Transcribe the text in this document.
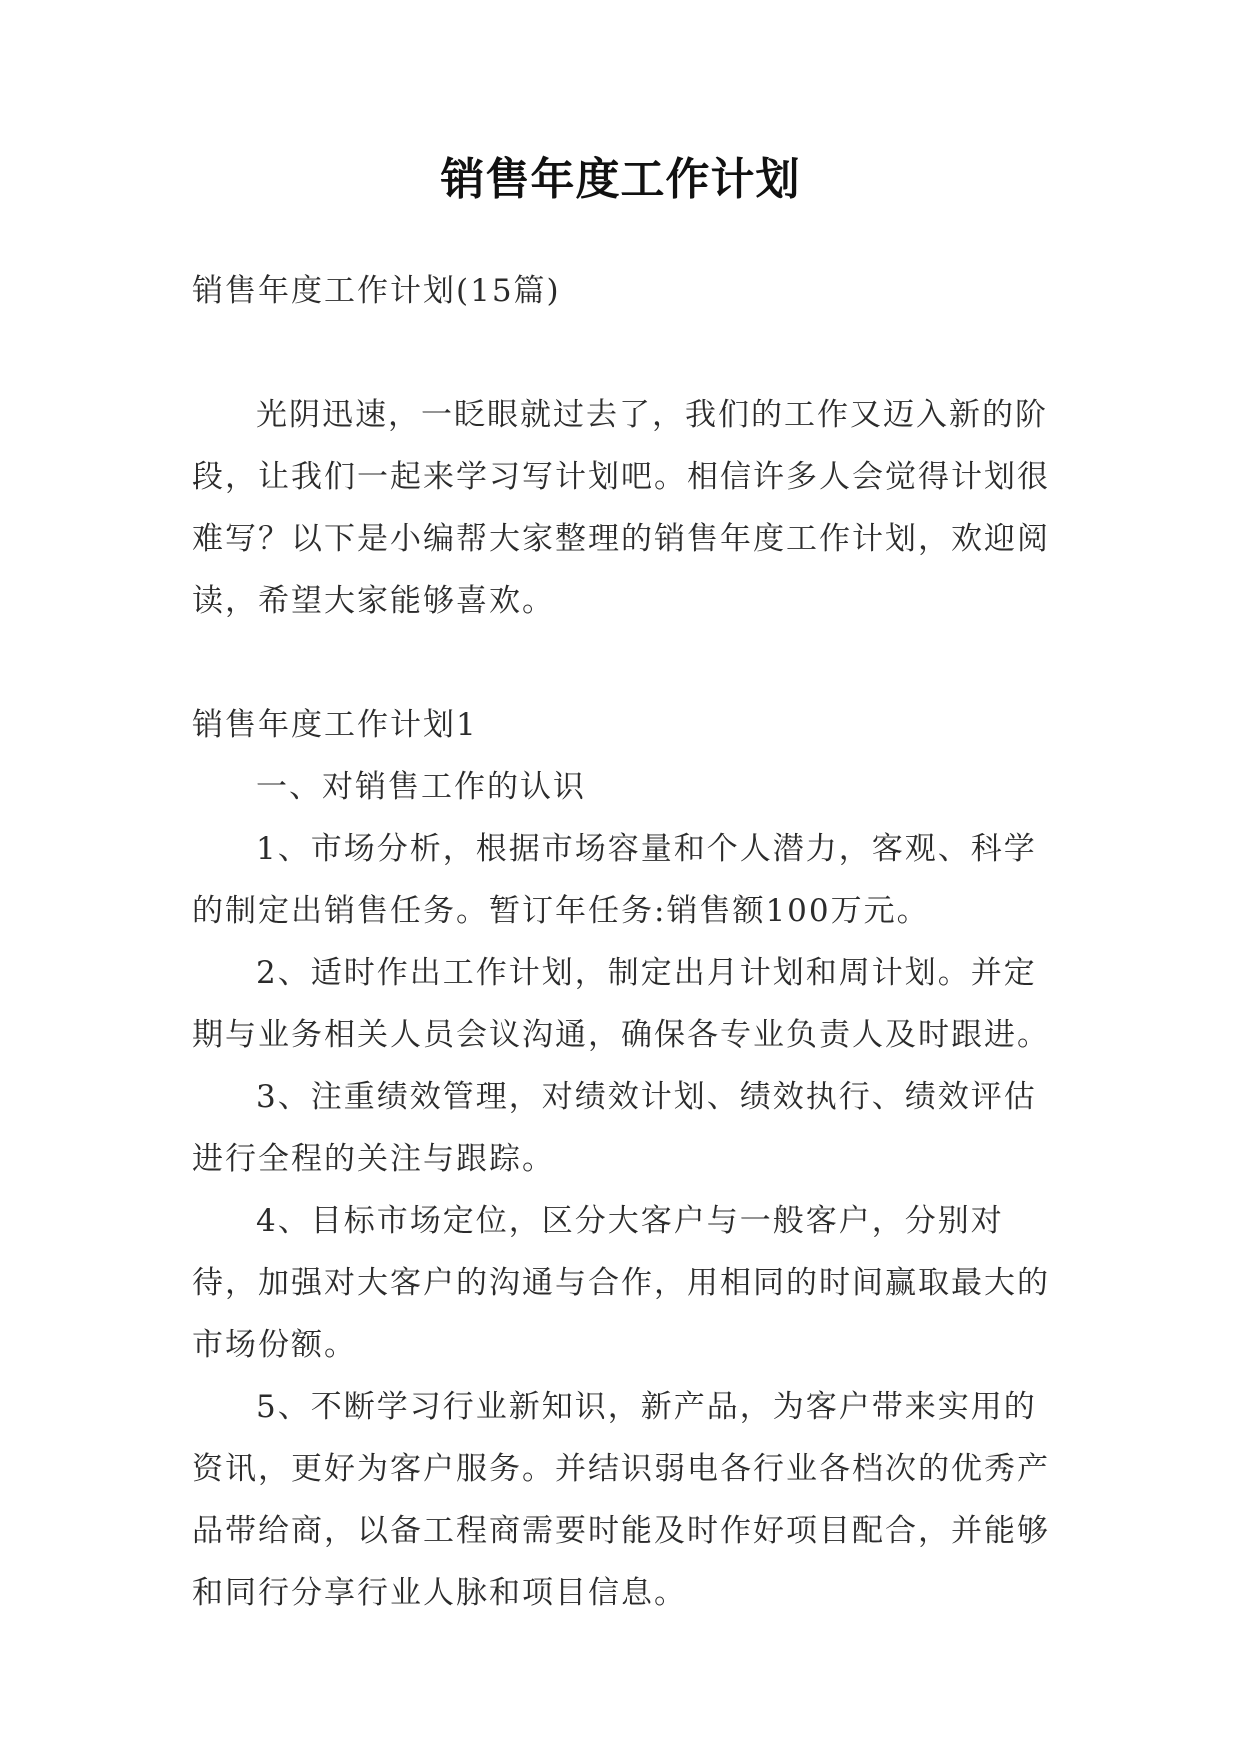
销售年度工作计划

销售年度工作计划(15篇)

光阴迅速，一眨眼就过去了，我们的工作又迈入新的阶段，让我们一起来学习写计划吧。相信许多人会觉得计划很难写？以下是小编帮大家整理的销售年度工作计划，欢迎阅读，希望大家能够喜欢。

销售年度工作计划1

一、对销售工作的认识

1、市场分析，根据市场容量和个人潜力，客观、科学的制定出销售任务。暂订年任务:销售额100万元。

2、适时作出工作计划，制定出月计划和周计划。并定期与业务相关人员会议沟通，确保各专业负责人及时跟进。

3、注重绩效管理，对绩效计划、绩效执行、绩效评估进行全程的关注与跟踪。

4、目标市场定位，区分大客户与一般客户，分别对待，加强对大客户的沟通与合作，用相同的时间赢取最大的市场份额。

5、不断学习行业新知识，新产品，为客户带来实用的资讯，更好为客户服务。并结识弱电各行业各档次的优秀产品带给商，以备工程商需要时能及时作好项目配合，并能够和同行分享行业人脉和项目信息。
